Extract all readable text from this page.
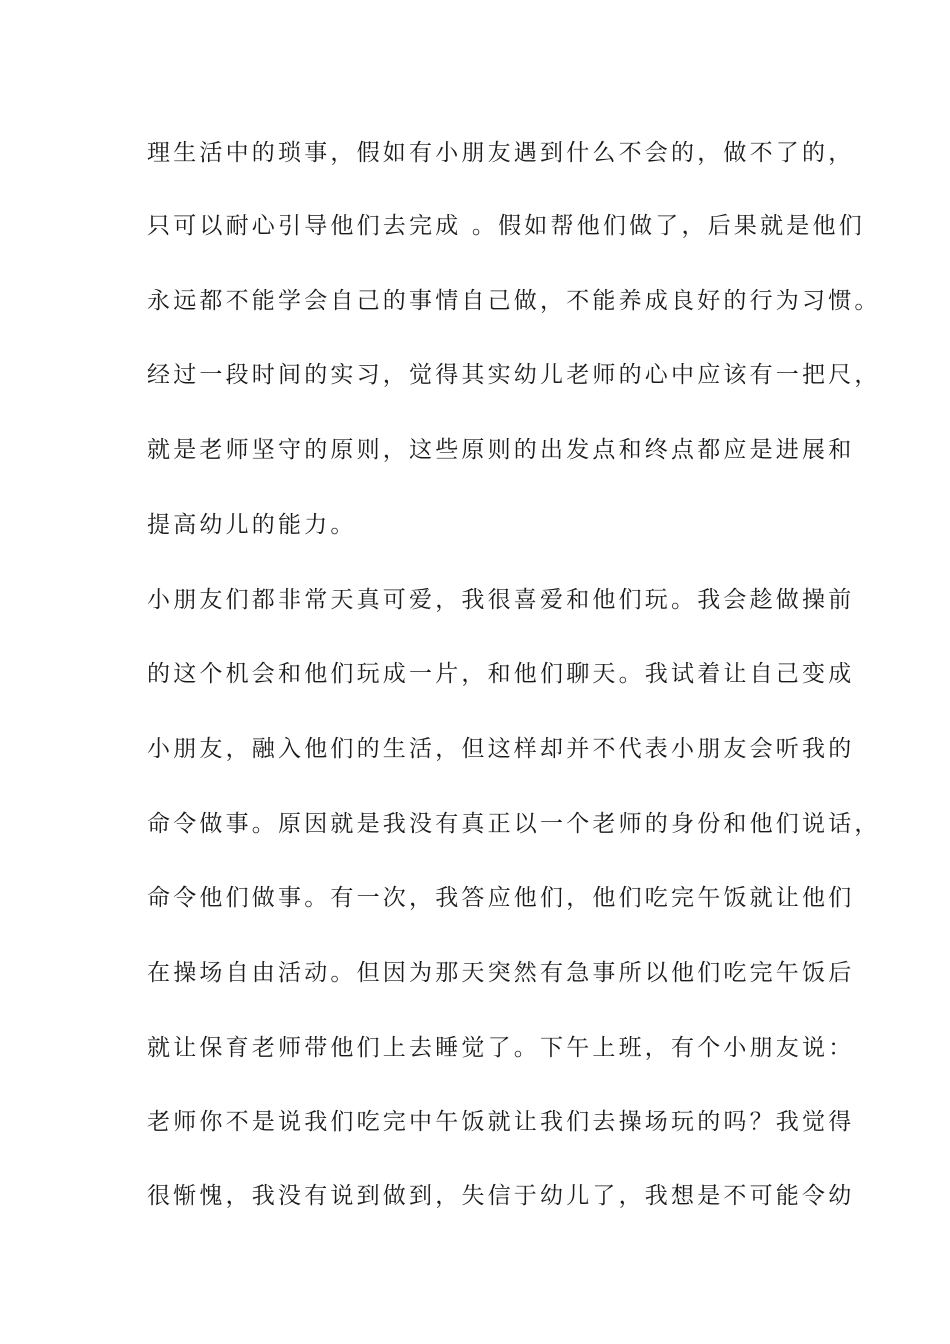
理生活中的琐事，假如有小朋友遇到什么不会的，做不了的，
只可以耐心引导他们去完成 。假如帮他们做了，后果就是他们
永远都不能学会自己的事情自己做，不能养成良好的行为习惯。
经过一段时间的实习，觉得其实幼儿老师的心中应该有一把尺，
就是老师坚守的原则，这些原则的出发点和终点都应是进展和
提高幼儿的能力。
小朋友们都非常天真可爱，我很喜爱和他们玩。我会趁做操前
的这个机会和他们玩成一片，和他们聊天。我试着让自己变成
小朋友，融入他们的生活，但这样却并不代表小朋友会听我的
命令做事。原因就是我没有真正以一个老师的身份和他们说话，
命令他们做事。有一次，我答应他们，他们吃完午饭就让他们
在操场自由活动。但因为那天突然有急事所以他们吃完午饭后
就让保育老师带他们上去睡觉了。下午上班，有个小朋友说：
老师你不是说我们吃完中午饭就让我们去操场玩的吗？我觉得
很惭愧，我没有说到做到，失信于幼儿了，我想是不可能令幼
